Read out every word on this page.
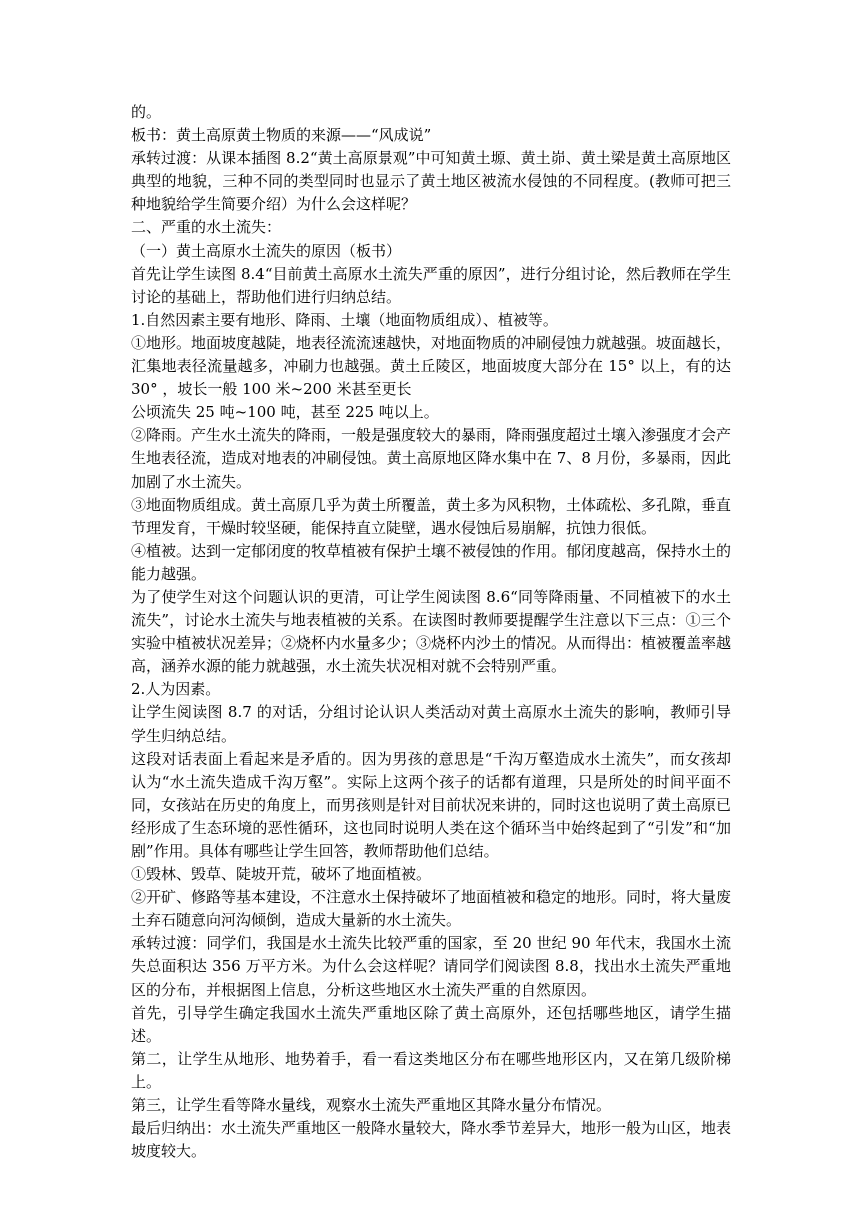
的。

板书：黄土高原黄土物质的来源——“风成说”

承转过渡：从课本插图 8.2“黄土高原景观”中可知黄土塬、黄土峁、黄土梁是黄土高原地区典型的地貌，三种不同的类型同时也显示了黄土地区被流水侵蚀的不同程度。(教师可把三种地貌给学生简要介绍）为什么会这样呢？

二、严重的水土流失：

（一）黄土高原水土流失的原因（板书）

首先让学生读图 8.4“目前黄土高原水土流失严重的原因”，进行分组讨论，然后教师在学生讨论的基础上，帮助他们进行归纳总结。

1.自然因素主要有地形、降雨、土壤（地面物质组成）、植被等。

①地形。地面坡度越陡，地表径流流速越快，对地面物质的冲刷侵蚀力就越强。坡面越长，汇集地表径流量越多，冲刷力也越强。黄土丘陵区，地面坡度大部分在 15° 以上，有的达 30° ，坡长一般 100 米~200 米甚至更长

公顷流失 25 吨~100 吨，甚至 225 吨以上。

②降雨。产生水土流失的降雨，一般是强度较大的暴雨，降雨强度超过土壤入渗强度才会产生地表径流，造成对地表的冲刷侵蚀。黄土高原地区降水集中在 7、8 月份，多暴雨，因此加剧了水土流失。

③地面物质组成。黄土高原几乎为黄土所覆盖，黄土多为风积物，土体疏松、多孔隙，垂直节理发育，干燥时较坚硬，能保持直立陡壁，遇水侵蚀后易崩解，抗蚀力很低。

④植被。达到一定郁闭度的牧草植被有保护土壤不被侵蚀的作用。郁闭度越高，保持水土的能力越强。

为了使学生对这个问题认识的更清，可让学生阅读图 8.6“同等降雨量、不同植被下的水土流失”，讨论水土流失与地表植被的关系。在读图时教师要提醒学生注意以下三点：①三个实验中植被状况差异；②烧杯内水量多少；③烧杯内沙土的情况。从而得出：植被覆盖率越高，涵养水源的能力就越强，水土流失状况相对就不会特别严重。

2.人为因素。

让学生阅读图 8.7 的对话，分组讨论认识人类活动对黄土高原水土流失的影响，教师引导学生归纳总结。

这段对话表面上看起来是矛盾的。因为男孩的意思是“千沟万壑造成水土流失”，而女孩却认为“水土流失造成千沟万壑”。实际上这两个孩子的话都有道理，只是所处的时间平面不同，女孩站在历史的角度上，而男孩则是针对目前状况来讲的，同时这也说明了黄土高原已经形成了生态环境的恶性循环，这也同时说明人类在这个循环当中始终起到了“引发”和“加剧”作用。具体有哪些让学生回答，教师帮助他们总结。

①毁林、毁草、陡坡开荒，破坏了地面植被。

②开矿、修路等基本建设，不注意水土保持破坏了地面植被和稳定的地形。同时，将大量废土弃石随意向河沟倾倒，造成大量新的水土流失。

承转过渡：同学们，我国是水土流失比较严重的国家，至 20 世纪 90 年代末，我国水土流失总面积达 356 万平方米。为什么会这样呢？请同学们阅读图 8.8，找出水土流失严重地区的分布，并根据图上信息，分析这些地区水土流失严重的自然原因。

首先，引导学生确定我国水土流失严重地区除了黄土高原外，还包括哪些地区，请学生描述。

第二，让学生从地形、地势着手，看一看这类地区分布在哪些地形区内，又在第几级阶梯上。

第三，让学生看等降水量线，观察水土流失严重地区其降水量分布情况。

最后归纳出：水土流失严重地区一般降水量较大，降水季节差异大，地形一般为山区，地表坡度较大。
